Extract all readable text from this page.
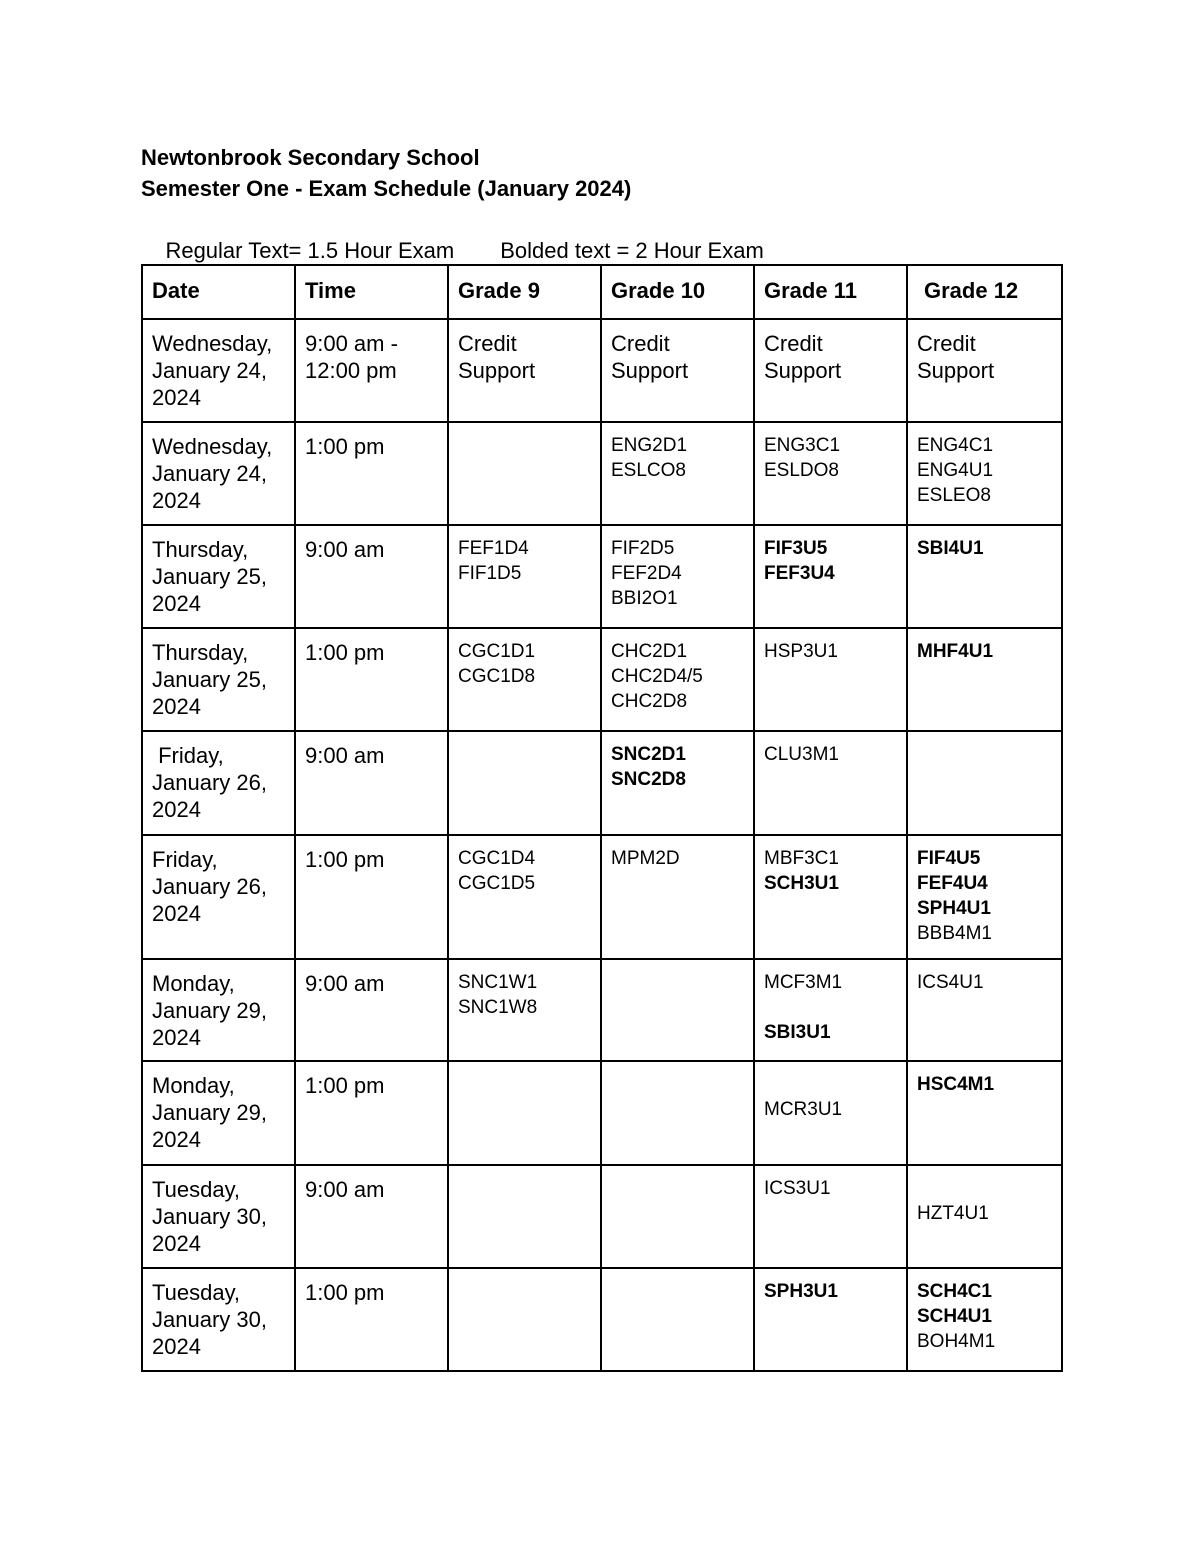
Newtonbrook Secondary School
Semester One - Exam Schedule (January 2024)

Regular Text= 1.5 Hour Exam Bolded text = 2 Hour Exam

Date	Time	Grade 9	Grade 10	Grade 11	Grade 12

Wednesday,
January 24,
2024	9:00 am -
12:00 pm	Credit
Support	Credit
Support	Credit
Support	Credit
Support

Wednesday,
January 24,
2024	1:00 pm		ENG2D1
ESLCO8	ENG3C1
ESLDO8	ENG4C1
ENG4U1
ESLEO8

Thursday,
January 25,
2024	9:00 am	FEF1D4
FIF1D5	FIF2D5
FEF2D4
BBI2O1	FIF3U5
FEF3U4	SBI4U1

Thursday,
January 25,
2024	1:00 pm	CGC1D1
CGC1D8	CHC2D1
CHC2D4/5
CHC2D8	HSP3U1	MHF4U1

Friday,
January 26,
2024	9:00 am		SNC2D1
SNC2D8	CLU3M1	

Friday,
January 26,
2024	1:00 pm	CGC1D4
CGC1D5	MPM2D	MBF3C1
SCH3U1	FIF4U5
FEF4U4
SPH4U1
BBB4M1

Monday,
January 29,
2024	9:00 am	SNC1W1
SNC1W8		MCF3M1
SBI3U1	ICS4U1

Monday,
January 29,
2024	1:00 pm			MCR3U1	HSC4M1

Tuesday,
January 30,
2024	9:00 am			ICS3U1	HZT4U1

Tuesday,
January 30,
2024	1:00 pm			SPH3U1	SCH4C1
SCH4U1
BOH4M1
